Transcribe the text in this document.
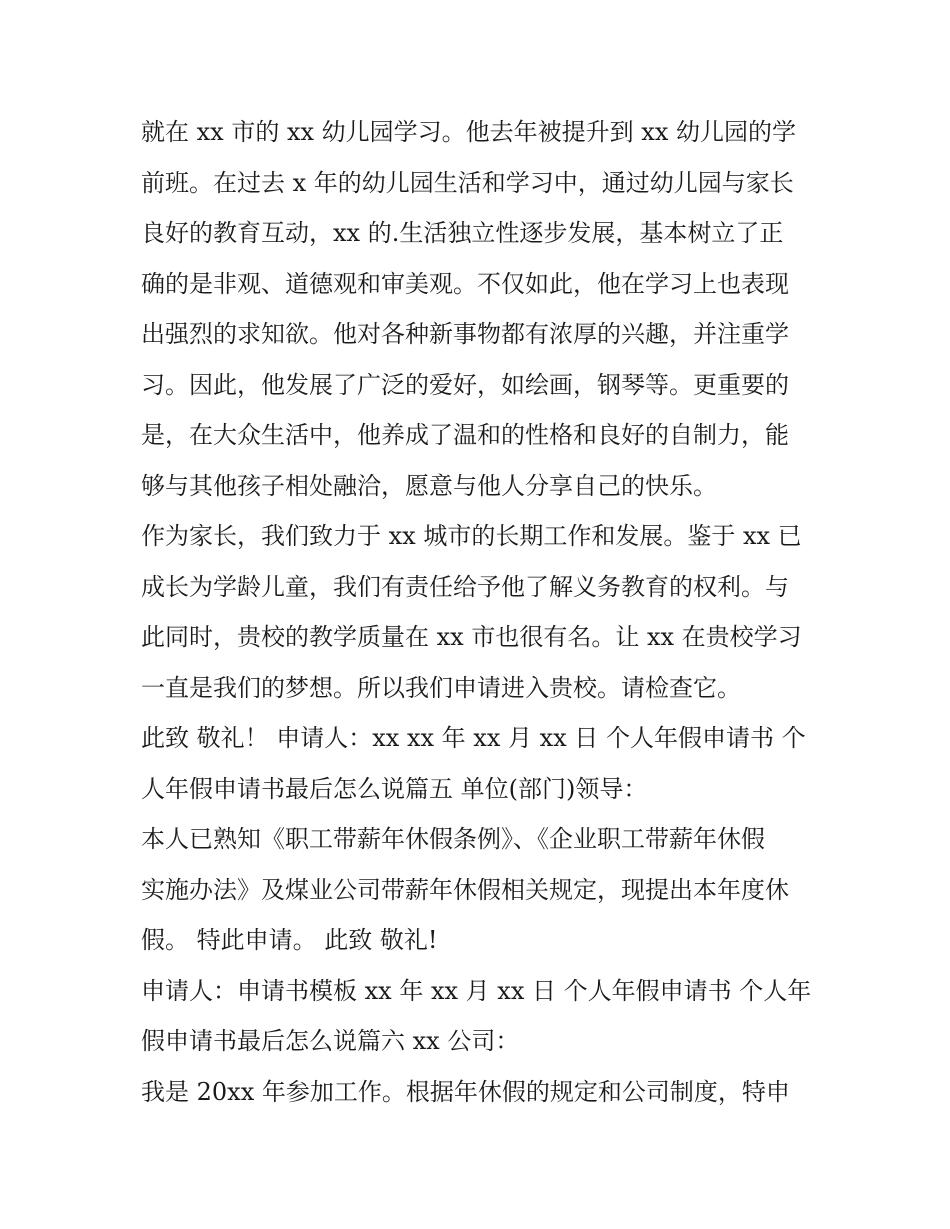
就在 xx 市的 xx 幼儿园学习。他去年被提升到 xx 幼儿园的学
前班。在过去 x 年的幼儿园生活和学习中，通过幼儿园与家长
良好的教育互动，xx 的.生活独立性逐步发展，基本树立了正
确的是非观、道德观和审美观。不仅如此，他在学习上也表现
出强烈的求知欲。他对各种新事物都有浓厚的兴趣，并注重学
习。因此，他发展了广泛的爱好，如绘画，钢琴等。更重要的
是，在大众生活中，他养成了温和的性格和良好的自制力，能
够与其他孩子相处融洽，愿意与他人分享自己的快乐。
作为家长，我们致力于 xx 城市的长期工作和发展。鉴于 xx 已
成长为学龄儿童，我们有责任给予他了解义务教育的权利。与
此同时，贵校的教学质量在 xx 市也很有名。让 xx 在贵校学习
一直是我们的梦想。所以我们申请进入贵校。请检查它。
此致 敬礼！ 申请人：xx xx 年 xx 月 xx 日 个人年假申请书 个
人年假申请书最后怎么说篇五 单位(部门)领导：
本人已熟知《职工带薪年休假条例》、《企业职工带薪年休假
实施办法》及煤业公司带薪年休假相关规定，现提出本年度休
假。 特此申请。 此致 敬礼!
申请人：申请书模板 xx 年 xx 月 xx 日 个人年假申请书 个人年
假申请书最后怎么说篇六 xx 公司：
我是 20xx 年参加工作。根据年休假的规定和公司制度，特申
